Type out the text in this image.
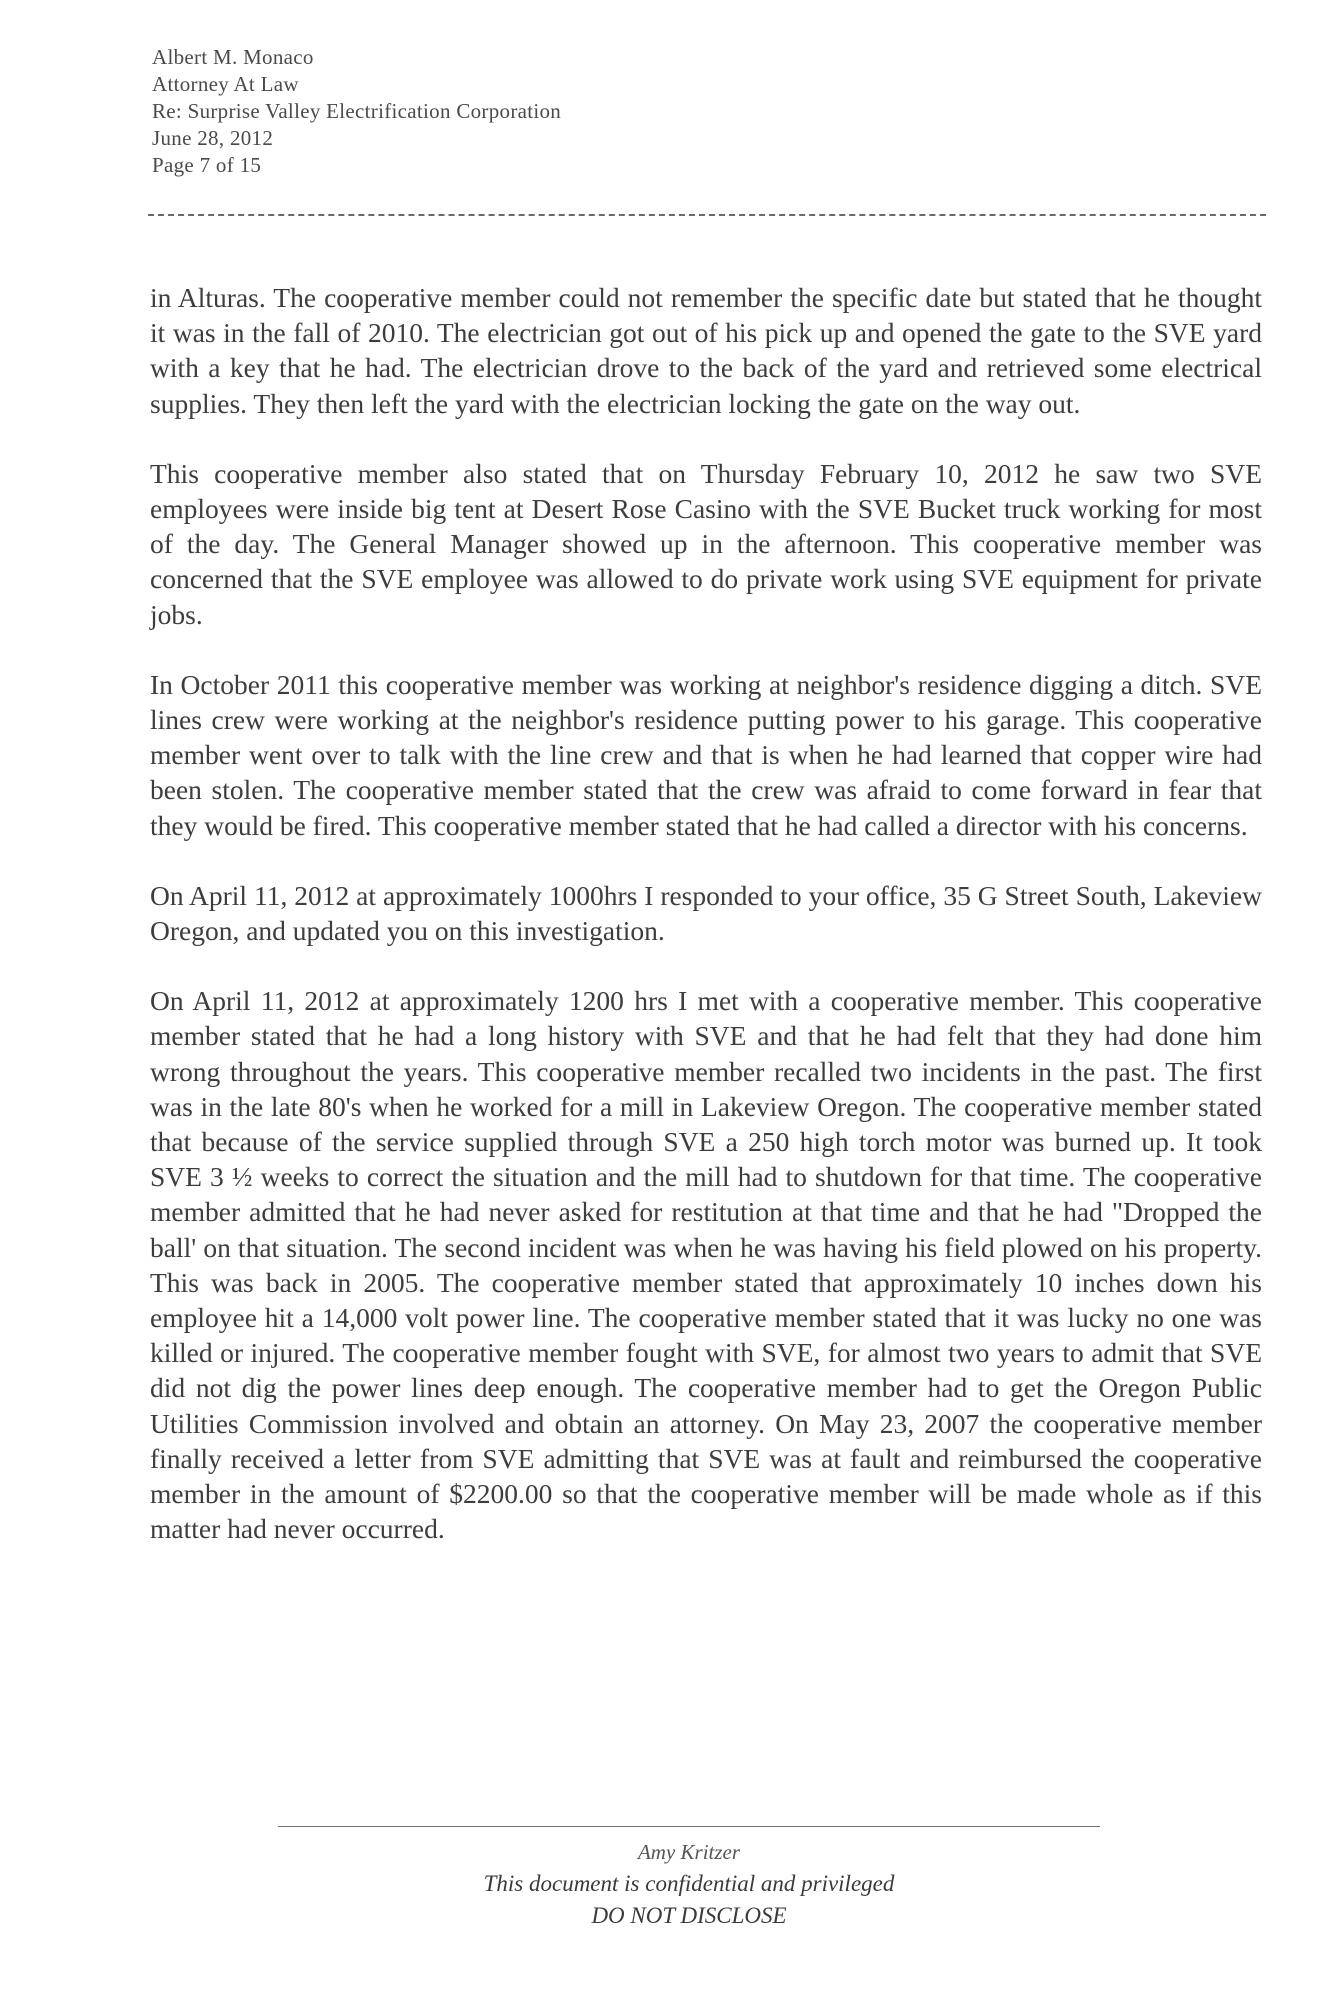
Albert M. Monaco
Attorney At Law
Re: Surprise Valley Electrification Corporation
June 28, 2012
Page 7 of 15

in Alturas. The cooperative member could not remember the specific date but stated that he thought it was in the fall of 2010. The electrician got out of his pick up and opened the gate to the SVE yard with a key that he had. The electrician drove to the back of the yard and retrieved some electrical supplies. They then left the yard with the electrician locking the gate on the way out.

This cooperative member also stated that on Thursday February 10, 2012 he saw two SVE employees were inside big tent at Desert Rose Casino with the SVE Bucket truck working for most of the day. The General Manager showed up in the afternoon. This cooperative member was concerned that the SVE employee was allowed to do private work using SVE equipment for private jobs.

In October 2011 this cooperative member was working at neighbor's residence digging a ditch. SVE lines crew were working at the neighbor's residence putting power to his garage. This cooperative member went over to talk with the line crew and that is when he had learned that copper wire had been stolen. The cooperative member stated that the crew was afraid to come forward in fear that they would be fired. This cooperative member stated that he had called a director with his concerns.

On April 11, 2012 at approximately 1000hrs I responded to your office, 35 G Street South, Lakeview Oregon, and updated you on this investigation.

On April 11, 2012 at approximately 1200 hrs I met with a cooperative member. This cooperative member stated that he had a long history with SVE and that he had felt that they had done him wrong throughout the years. This cooperative member recalled two incidents in the past. The first was in the late 80's when he worked for a mill in Lakeview Oregon. The cooperative member stated that because of the service supplied through SVE a 250 high torch motor was burned up. It took SVE 3 ½ weeks to correct the situation and the mill had to shutdown for that time. The cooperative member admitted that he had never asked for restitution at that time and that he had "Dropped the ball' on that situation. The second incident was when he was having his field plowed on his property. This was back in 2005. The cooperative member stated that approximately 10 inches down his employee hit a 14,000 volt power line. The cooperative member stated that it was lucky no one was killed or injured. The cooperative member fought with SVE, for almost two years to admit that SVE did not dig the power lines deep enough. The cooperative member had to get the Oregon Public Utilities Commission involved and obtain an attorney. On May 23, 2007 the cooperative member finally received a letter from SVE admitting that SVE was at fault and reimbursed the cooperative member in the amount of $2200.00 so that the cooperative member will be made whole as if this matter had never occurred.

Amy Kritzer
This document is confidential and privileged
DO NOT DISCLOSE
